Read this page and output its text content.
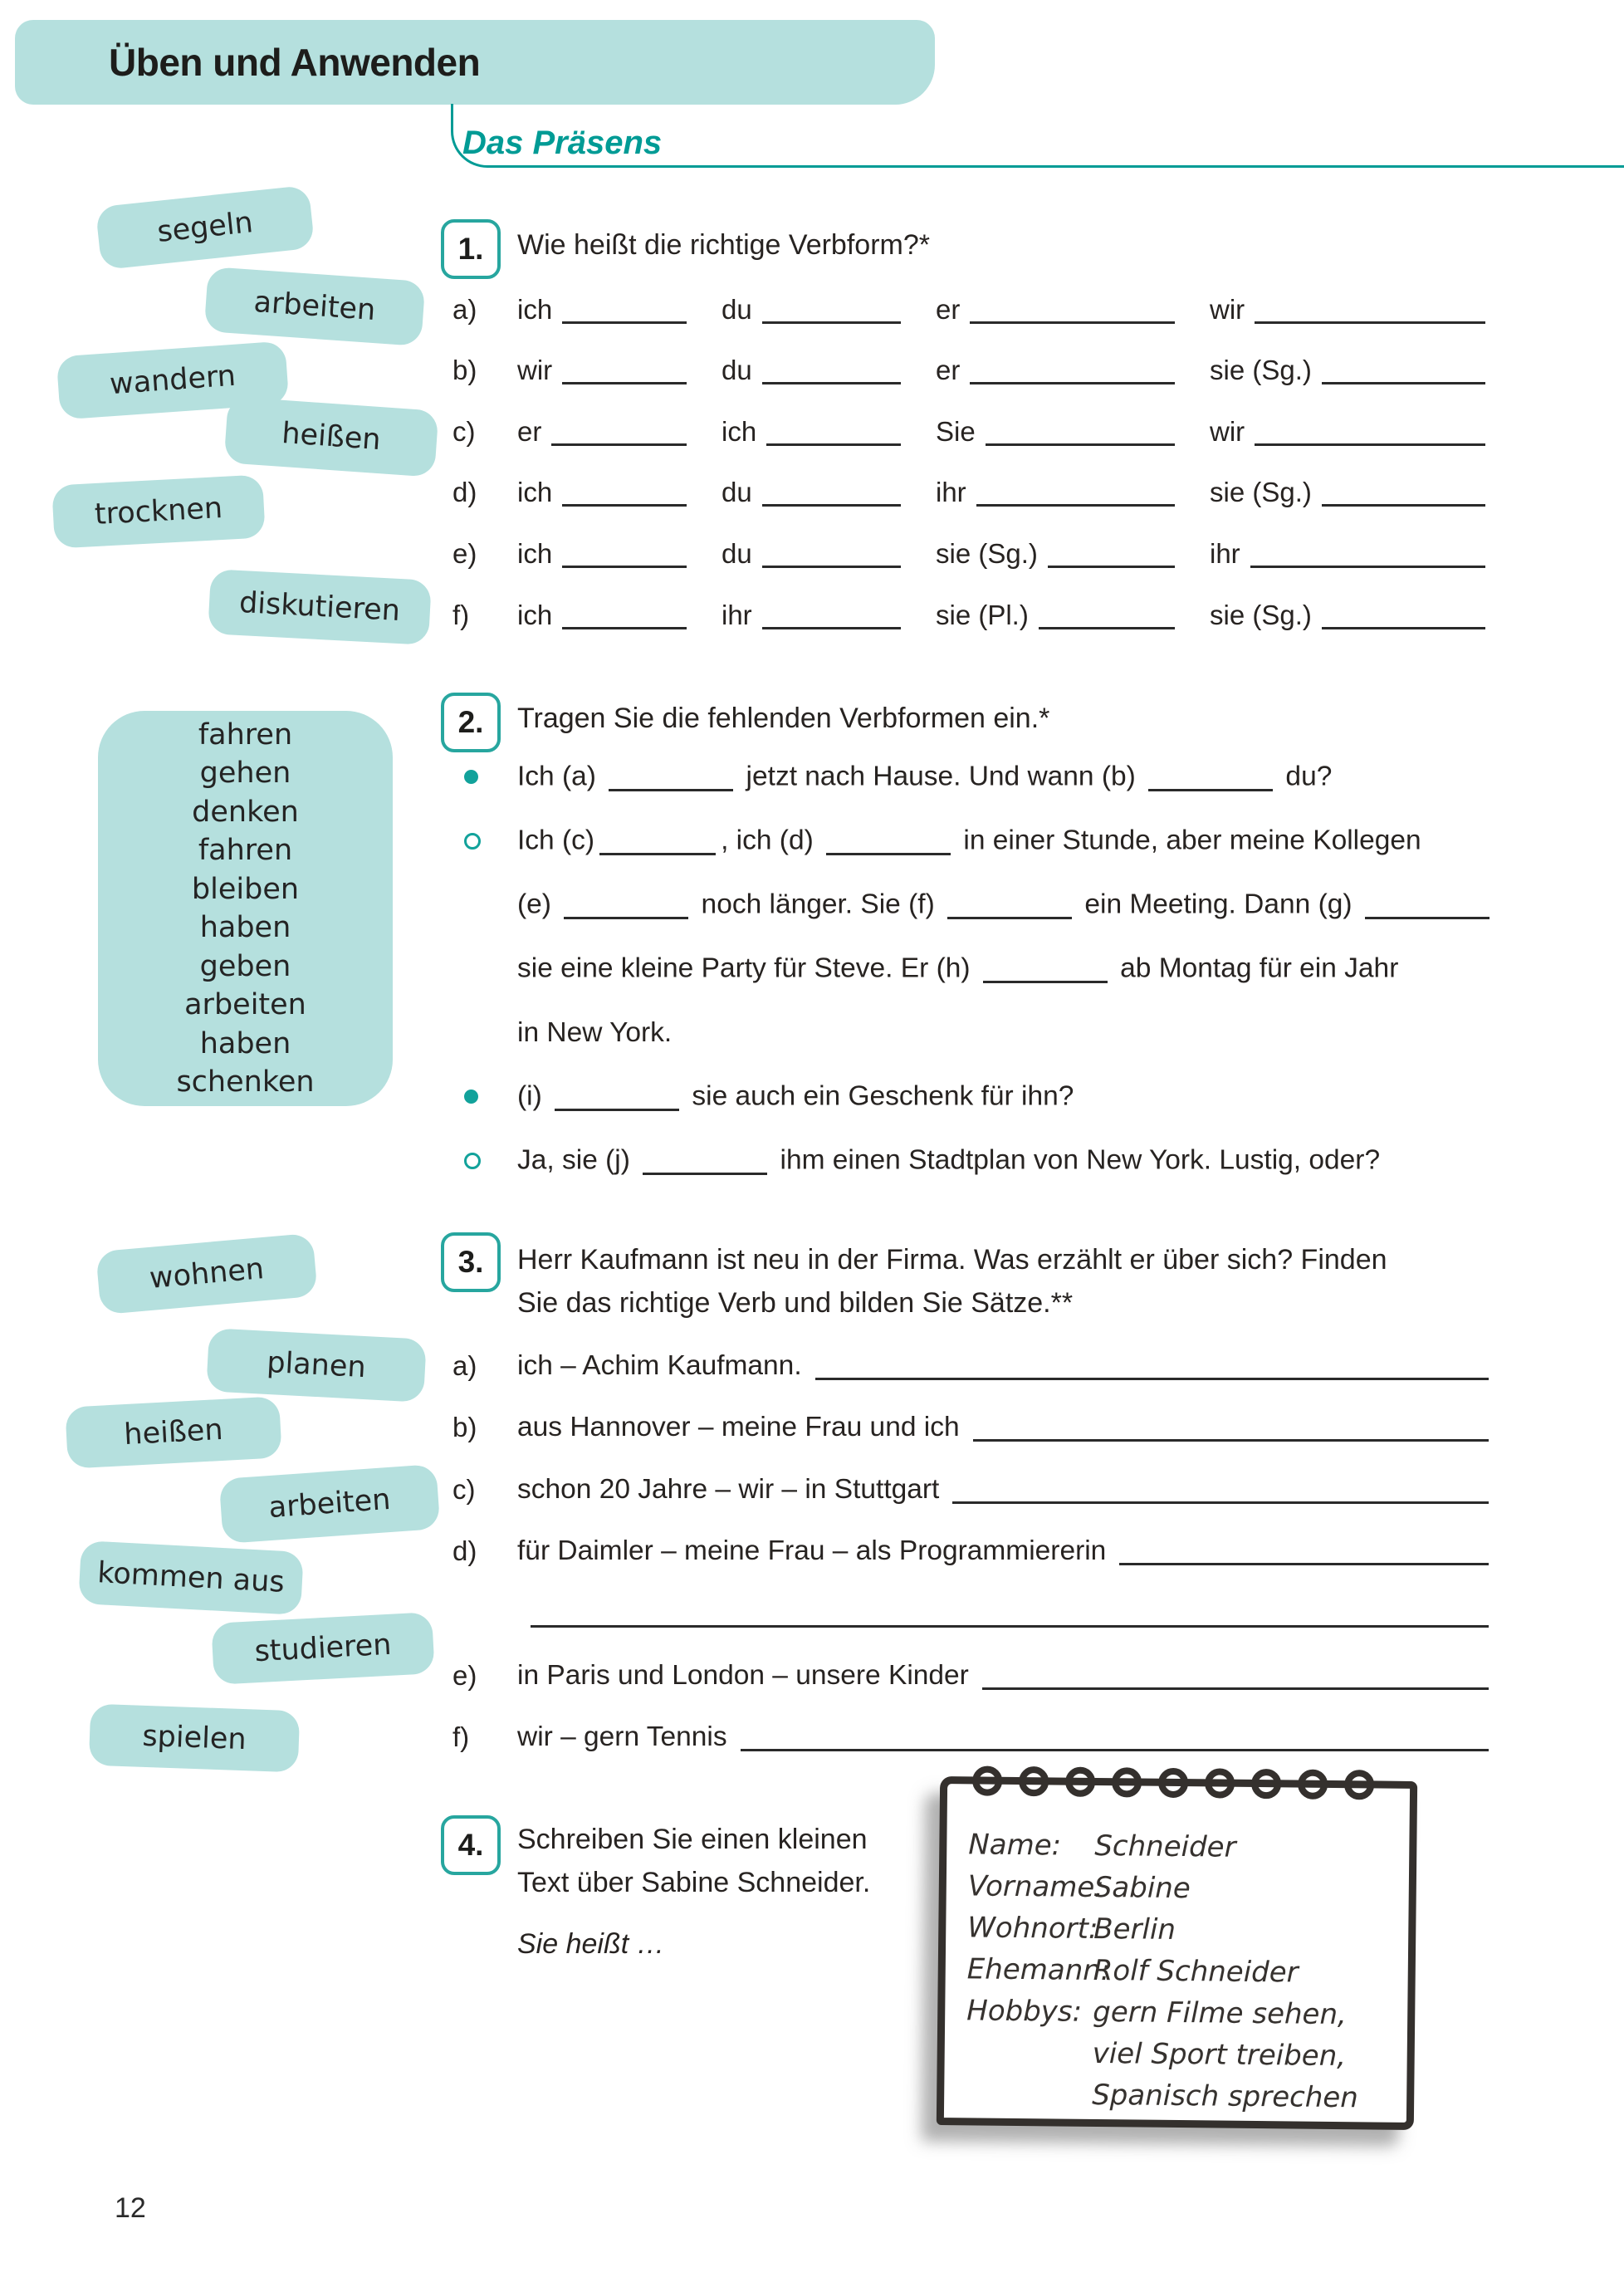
Üben und Anwenden
Das Präsens
segeln
arbeiten
wandern
heißen
trocknen
diskutieren
1.	Wie heißt die richtige Verbform?*
a)	ich	du	er	wir
b)	wir	du	er	sie (Sg.)
c)	er	ich	Sie	wir
d)	ich	du	ihr	sie (Sg.)
e)	ich	du	sie (Sg.)	ihr
f)	ich	ihr	sie (Pl.)	sie (Sg.)
fahren
gehen
denken
fahren
bleiben
haben
geben
arbeiten
haben
schenken
2.	Tragen Sie die fehlenden Verbformen ein.*
Ich (a)	jetzt nach Hause. Und wann (b)	du?
Ich (c)	, ich (d)	in einer Stunde, aber meine Kollegen
(e)	noch länger. Sie (f)	ein Meeting. Dann (g)
sie eine kleine Party für Steve. Er (h)	ab Montag für ein Jahr
in New York.
(i)	sie auch ein Geschenk für ihn?
Ja, sie (j)	ihm einen Stadtplan von New York. Lustig, oder?
wohnen
planen
heißen
arbeiten
kommen aus
studieren
spielen
3.	Herr Kaufmann ist neu in der Firma. Was erzählt er über sich? Finden
Sie das richtige Verb und bilden Sie Sätze.**
a)	ich – Achim Kaufmann.
b)	aus Hannover – meine Frau und ich
c)	schon 20 Jahre – wir – in Stuttgart
d)	für Daimler – meine Frau – als Programmiererin
e)	in Paris und London – unsere Kinder
f)	wir – gern Tennis
4.	Schreiben Sie einen kleinen
Text über Sabine Schneider.
Sie heißt …
Name:	Schneider
Vorname:
Sabine
Wohnort:
Berlin
Ehemann:
Rolf Schneider
Hobbys: gern Filme sehen,
viel Sport treiben,
Spanisch sprechen
12
